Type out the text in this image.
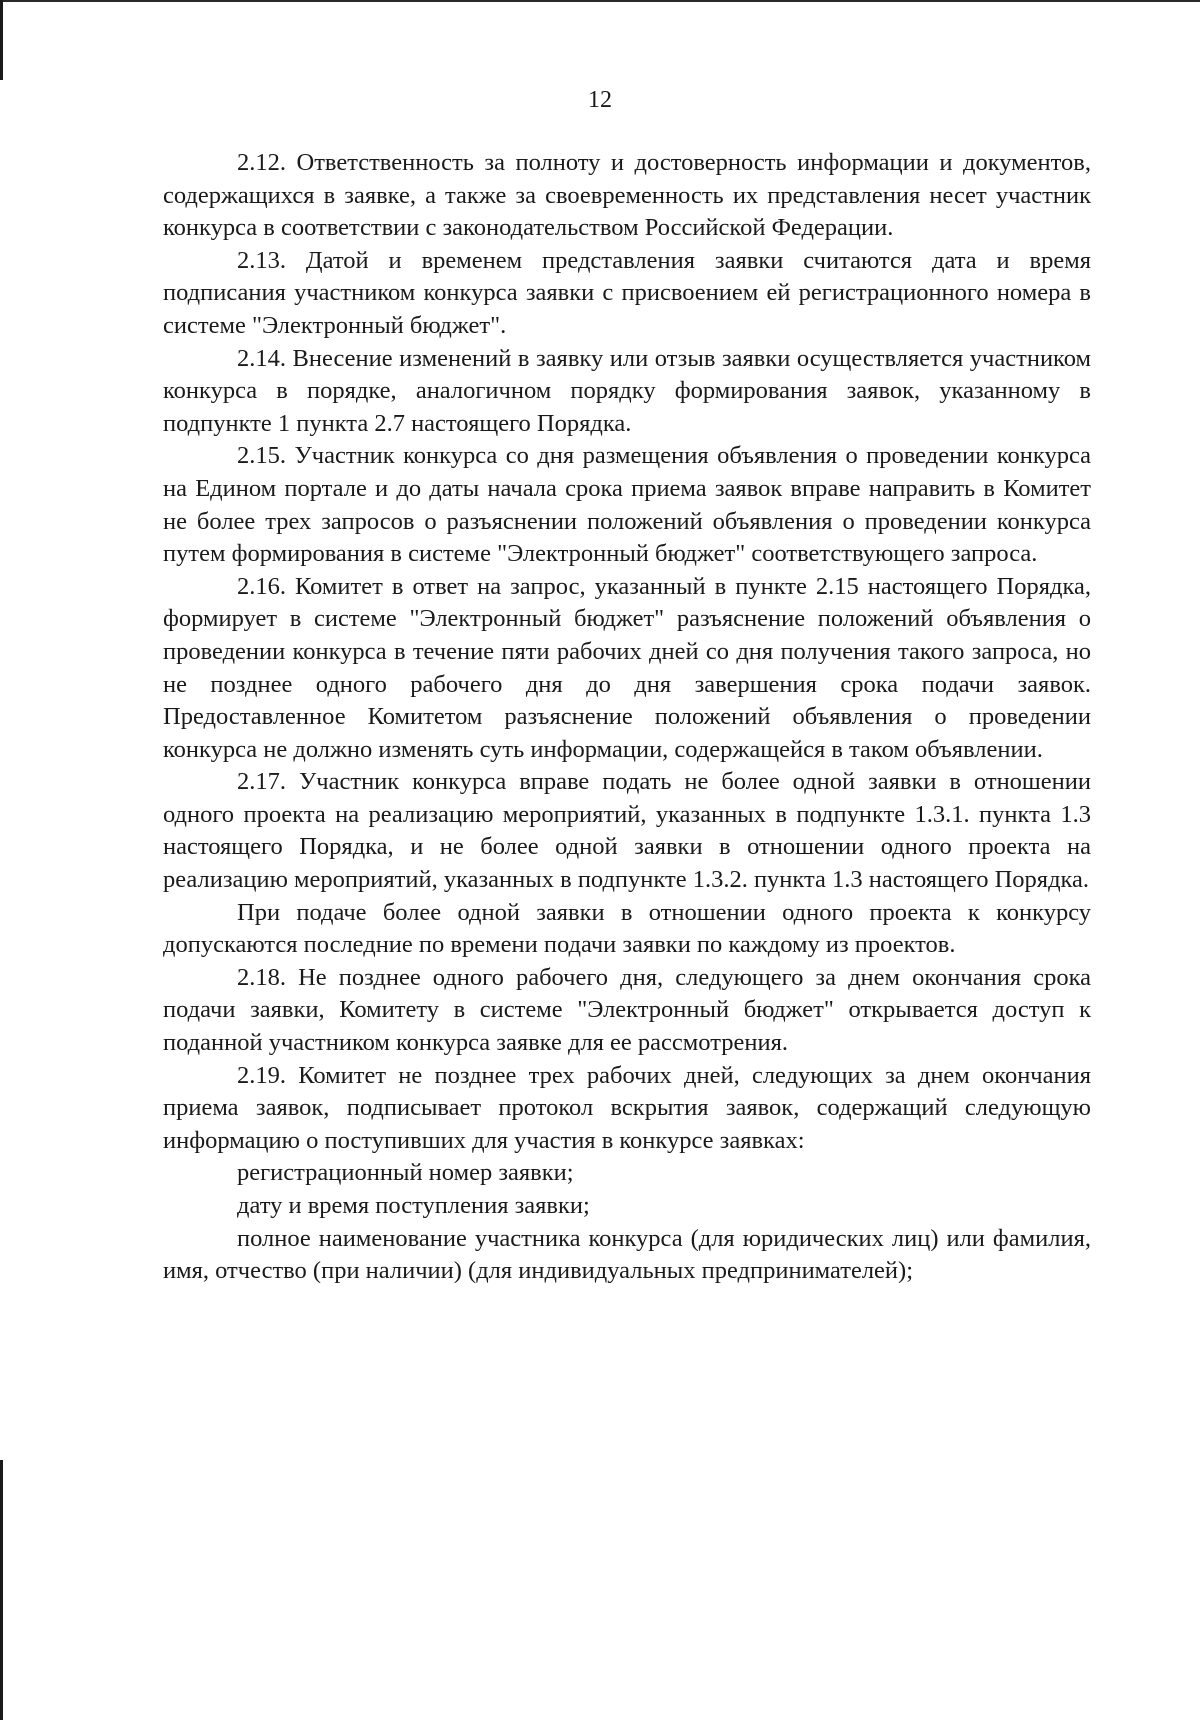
12

2.12. Ответственность за полноту и достоверность информации и документов, содержащихся в заявке, а также за своевременность их представления несет участник конкурса в соответствии с законодательством Российской Федерации.

2.13. Датой и временем представления заявки считаются дата и время подписания участником конкурса заявки с присвоением ей регистрационного номера в системе "Электронный бюджет".

2.14. Внесение изменений в заявку или отзыв заявки осуществляется участником конкурса в порядке, аналогичном порядку формирования заявок, указанному в подпункте 1 пункта 2.7 настоящего Порядка.

2.15. Участник конкурса со дня размещения объявления о проведении конкурса на Едином портале и до даты начала срока приема заявок вправе направить в Комитет не более трех запросов о разъяснении положений объявления о проведении конкурса путем формирования в системе "Электронный бюджет" соответствующего запроса.

2.16. Комитет в ответ на запрос, указанный в пункте 2.15 настоящего Порядка, формирует в системе "Электронный бюджет" разъяснение положений объявления о проведении конкурса в течение пяти рабочих дней со дня получения такого запроса, но не позднее одного рабочего дня до дня завершения срока подачи заявок. Предоставленное Комитетом разъяснение положений объявления о проведении конкурса не должно изменять суть информации, содержащейся в таком объявлении.

2.17. Участник конкурса вправе подать не более одной заявки в отношении одного проекта на реализацию мероприятий, указанных в подпункте 1.3.1. пункта 1.3 настоящего Порядка, и не более одной заявки в отношении одного проекта на реализацию мероприятий, указанных в подпункте 1.3.2. пункта 1.3 настоящего Порядка.

При подаче более одной заявки в отношении одного проекта к конкурсу допускаются последние по времени подачи заявки по каждому из проектов.

2.18. Не позднее одного рабочего дня, следующего за днем окончания срока подачи заявки, Комитету в системе "Электронный бюджет" открывается доступ к поданной участником конкурса заявке для ее рассмотрения.

2.19. Комитет не позднее трех рабочих дней, следующих за днем окончания приема заявок, подписывает протокол вскрытия заявок, содержащий следующую информацию о поступивших для участия в конкурсе заявках:

регистрационный номер заявки;

дату и время поступления заявки;

полное наименование участника конкурса (для юридических лиц) или фамилия, имя, отчество (при наличии) (для индивидуальных предпринимателей);
